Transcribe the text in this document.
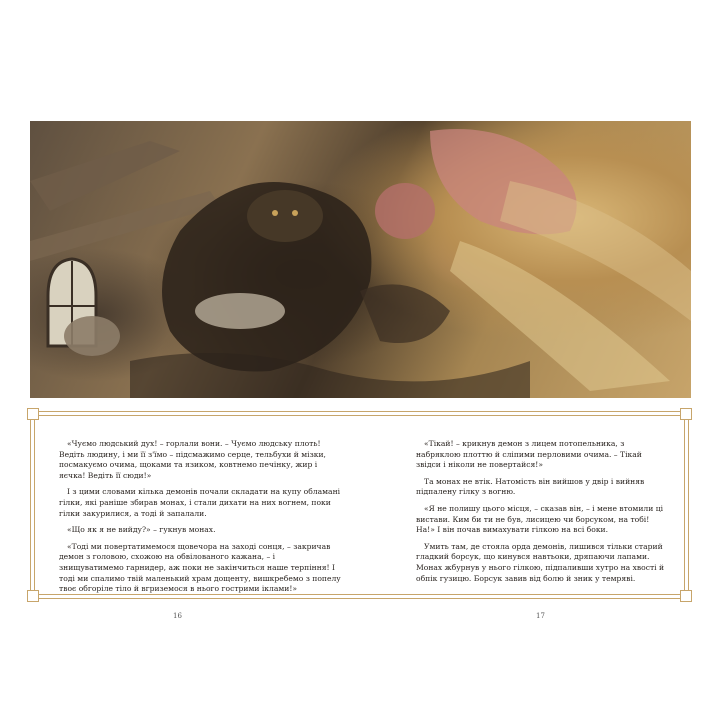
«Чуємо людський дух! – горлали вони. – Чуємо людську плоть! Ведіть людину, і ми її з'їмо – підсмажимо серце, тельбухи й мізки, посмакуємо очима, щоками та язиком, ковтнемо печінку, жир і яєчка! Ведіть її сюди!»

І з цими словами кілька демонів почали складати на купу обламані гілки, які раніше збирав монах, і стали дихати на них вогнем, поки гілки закурилися, а тоді й запалали.

«Що як я не вийду?» – гукнув монах.

«Тоді ми повертатимемося щовечора на заході сонця, – закричав демон з головою, схожою на обвілованого кажана, – і знищуватимемо гарнидер, аж поки не закінчиться наше терпіння! І тоді ми спалимо твій маленький храм дощенту, вишкребемо з попелу твоє обгоріле тіло й вгриземося в нього гострими іклами!»

«Тікай! – крикнув демон з лицем потопельника, з набряклою плоттю й сліпими перловими очима. – Тікай звідси і ніколи не повертайся!»

Та монах не втік. Натомість він вийшов у двір і вийняв підпалену гілку з вогню.

«Я не полишу цього місця, – сказав він, – і мене втомили ці вистави. Ким би ти не був, лисицею чи борсуком, на тобі! На!» І він почав вимахувати гілкою на всі боки.

Умить там, де стояла орда демонів, лишився тільки старий гладкий борсук, що кинувся навтьоки, дряпаючи лапами. Монах жбурнув у нього гілкою, підпаливши хутро на хвості й обпік гузицю. Борсук завив від болю й зник у темряві.

16	17
